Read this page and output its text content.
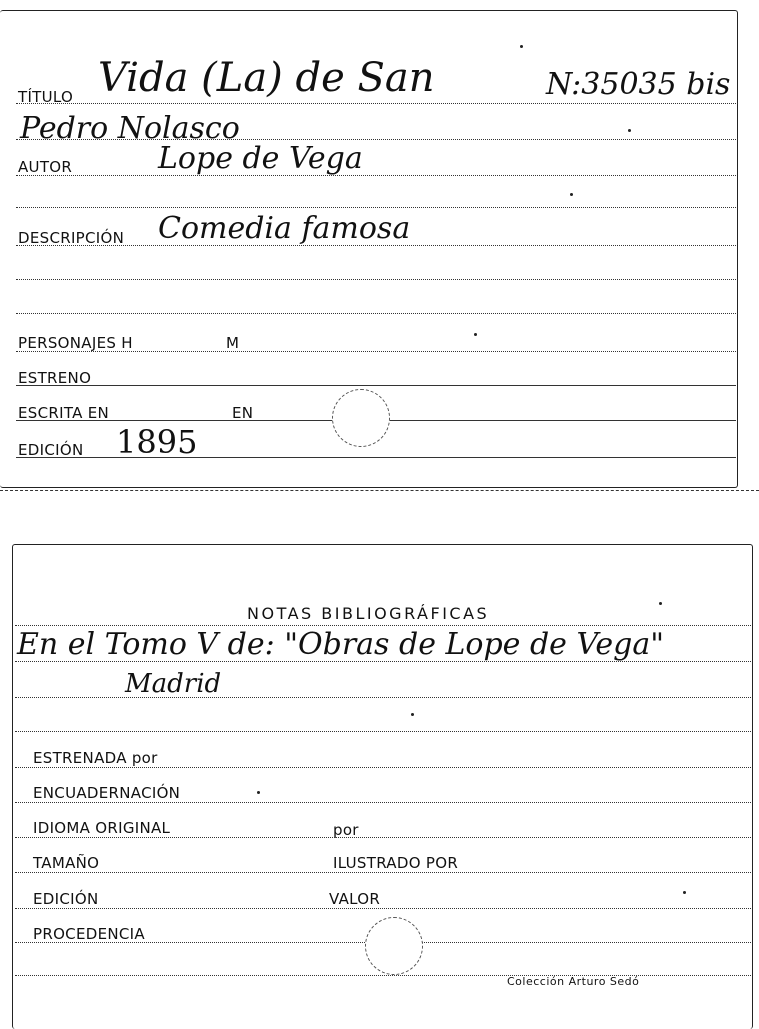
TÍTULO Vida (La) de San	N:35035 bis
Pedro Nolasco
AUTOR	Lope de Vega
DESCRIPCIÓN Comedia famosa
PERSONAJES H	M
ESTRENO
ESCRITA EN	EN
EDICIÓN 1895
NOTAS BIBLIOGRÁFICAS
En el Tomo V de: "Obras de Lope de Vega"
Madrid
ESTRENADA por
ENCUADERNACIÓN
IDIOMA ORIGINAL	por
TAMAÑO	ILUSTRADO POR
EDICIÓN	VALOR
PROCEDENCIA
Colección Arturo Sedó
